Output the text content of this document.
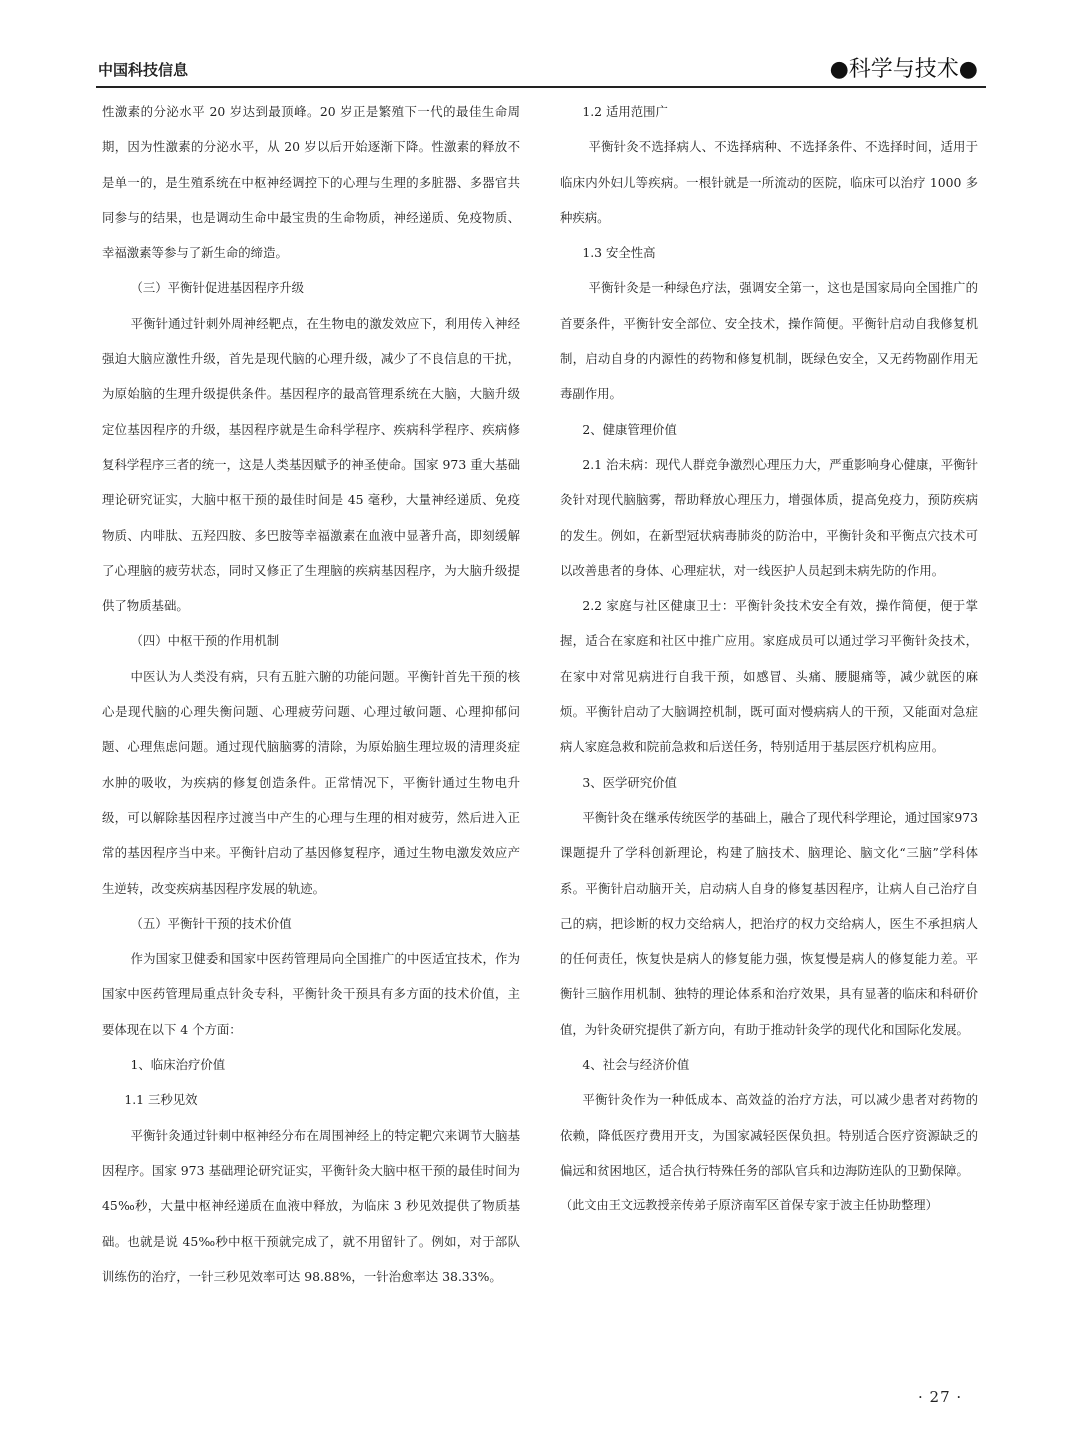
中国科技信息	●科学与技术●

性激素的分泌水平 20 岁达到最顶峰。20 岁正是繁殖下一代的最佳生命周期，因为性激素的分泌水平，从 20 岁以后开始逐渐下降。性激素的释放不是单一的，是生殖系统在中枢神经调控下的心理与生理的多脏器、多器官共同参与的结果，也是调动生命中最宝贵的生命物质，神经递质、免疫物质、幸福激素等参与了新生命的缔造。

（三）平衡针促进基因程序升级

平衡针通过针刺外周神经靶点，在生物电的激发效应下，利用传入神经强迫大脑应激性升级，首先是现代脑的心理升级，减少了不良信息的干扰，为原始脑的生理升级提供条件。基因程序的最高管理系统在大脑，大脑升级定位基因程序的升级，基因程序就是生命科学程序、疾病科学程序、疾病修复科学程序三者的统一，这是人类基因赋予的神圣使命。国家 973 重大基础理论研究证实，大脑中枢干预的最佳时间是 45 毫秒，大量神经递质、免疫物质、内啡肽、五羟四胺、多巴胺等幸福激素在血液中显著升高，即刻缓解了心理脑的疲劳状态，同时又修正了生理脑的疾病基因程序，为大脑升级提供了物质基础。

（四）中枢干预的作用机制

中医认为人类没有病，只有五脏六腑的功能问题。平衡针首先干预的核心是现代脑的心理失衡问题、心理疲劳问题、心理过敏问题、心理抑郁问题、心理焦虑问题。通过现代脑脑雾的清除，为原始脑生理垃圾的清理炎症水肿的吸收，为疾病的修复创造条件。正常情况下，平衡针通过生物电升级，可以解除基因程序过渡当中产生的心理与生理的相对疲劳，然后进入正常的基因程序当中来。平衡针启动了基因修复程序，通过生物电激发效应产生逆转，改变疾病基因程序发展的轨迹。

（五）平衡针干预的技术价值

作为国家卫健委和国家中医药管理局向全国推广的中医适宜技术，作为国家中医药管理局重点针灸专科，平衡针灸干预具有多方面的技术价值，主要体现在以下 4 个方面：

1、临床治疗价值

1.1 三秒见效

平衡针灸通过针刺中枢神经分布在周围神经上的特定靶穴来调节大脑基因程序。国家 973 基础理论研究证实，平衡针灸大脑中枢干预的最佳时间为 45‰秒，大量中枢神经递质在血液中释放，为临床 3 秒见效提供了物质基础。也就是说 45‰秒中枢干预就完成了，就不用留针了。例如，对于部队训练伤的治疗，一针三秒见效率可达 98.88%，一针治愈率达 38.33%。

1.2 适用范围广

平衡针灸不选择病人、不选择病种、不选择条件、不选择时间，适用于临床内外妇儿等疾病。一根针就是一所流动的医院，临床可以治疗 1000 多种疾病。

1.3 安全性高

平衡针灸是一种绿色疗法，强调安全第一，这也是国家局向全国推广的首要条件，平衡针安全部位、安全技术，操作简便。平衡针启动自我修复机制，启动自身的内源性的药物和修复机制，既绿色安全，又无药物副作用无毒副作用。

2、健康管理价值

2.1 治未病：现代人群竞争激烈心理压力大，严重影响身心健康，平衡针灸针对现代脑脑雾，帮助释放心理压力，增强体质，提高免疫力，预防疾病的发生。例如，在新型冠状病毒肺炎的防治中，平衡针灸和平衡点穴技术可以改善患者的身体、心理症状，对一线医护人员起到未病先防的作用。

2.2 家庭与社区健康卫士：平衡针灸技术安全有效，操作简便，便于掌握，适合在家庭和社区中推广应用。家庭成员可以通过学习平衡针灸技术，在家中对常见病进行自我干预，如感冒、头痛、腰腿痛等，减少就医的麻烦。平衡针启动了大脑调控机制，既可面对慢病病人的干预，又能面对急症病人家庭急救和院前急救和后送任务，特别适用于基层医疗机构应用。

3、医学研究价值

平衡针灸在继承传统医学的基础上，融合了现代科学理论，通过国家973课题提升了学科创新理论，构建了脑技术、脑理论、脑文化“三脑”学科体系。平衡针启动脑开关，启动病人自身的修复基因程序，让病人自己治疗自己的病，把诊断的权力交给病人，把治疗的权力交给病人，医生不承担病人的任何责任，恢复快是病人的修复能力强，恢复慢是病人的修复能力差。平衡针三脑作用机制、独特的理论体系和治疗效果，具有显著的临床和科研价值，为针灸研究提供了新方向，有助于推动针灸学的现代化和国际化发展。

4、社会与经济价值

平衡针灸作为一种低成本、高效益的治疗方法，可以减少患者对药物的依赖，降低医疗费用开支，为国家减轻医保负担。特别适合医疗资源缺乏的偏远和贫困地区，适合执行特殊任务的部队官兵和边海防连队的卫勤保障。

（此文由王文远教授亲传弟子原济南军区首保专家于波主任协助整理）

· 27 ·
